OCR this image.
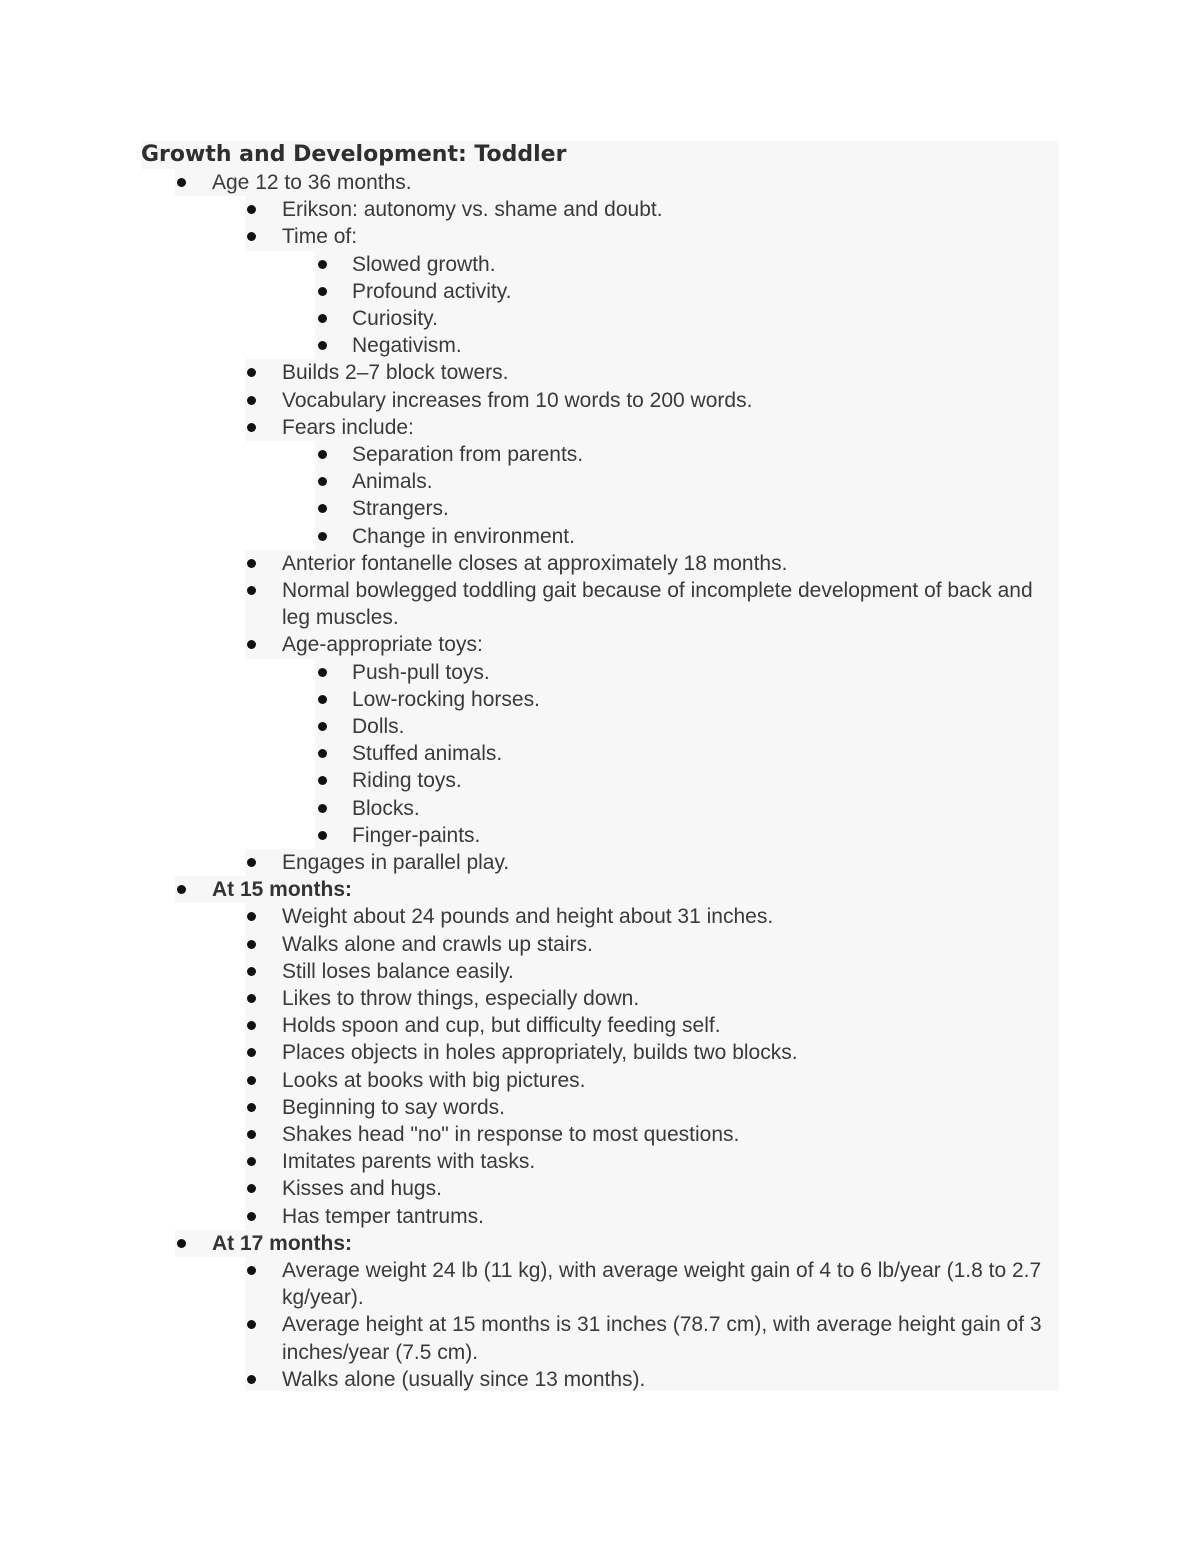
Growth and Development: Toddler
Age 12 to 36 months.
Erikson: autonomy vs. shame and doubt.
Time of:
Slowed growth.
Profound activity.
Curiosity.
Negativism.
Builds 2–7 block towers.
Vocabulary increases from 10 words to 200 words.
Fears include:
Separation from parents.
Animals.
Strangers.
Change in environment.
Anterior fontanelle closes at approximately 18 months.
Normal bowlegged toddling gait because of incomplete development of back and leg muscles.
Age-appropriate toys:
Push-pull toys.
Low-rocking horses.
Dolls.
Stuffed animals.
Riding toys.
Blocks.
Finger-paints.
Engages in parallel play.
At 15 months:
Weight about 24 pounds and height about 31 inches.
Walks alone and crawls up stairs.
Still loses balance easily.
Likes to throw things, especially down.
Holds spoon and cup, but difficulty feeding self.
Places objects in holes appropriately, builds two blocks.
Looks at books with big pictures.
Beginning to say words.
Shakes head "no" in response to most questions.
Imitates parents with tasks.
Kisses and hugs.
Has temper tantrums.
At 17 months:
Average weight 24 lb (11 kg), with average weight gain of 4 to 6 lb/year (1.8 to 2.7 kg/year).
Average height at 15 months is 31 inches (78.7 cm), with average height gain of 3 inches/year (7.5 cm).
Walks alone (usually since 13 months).
